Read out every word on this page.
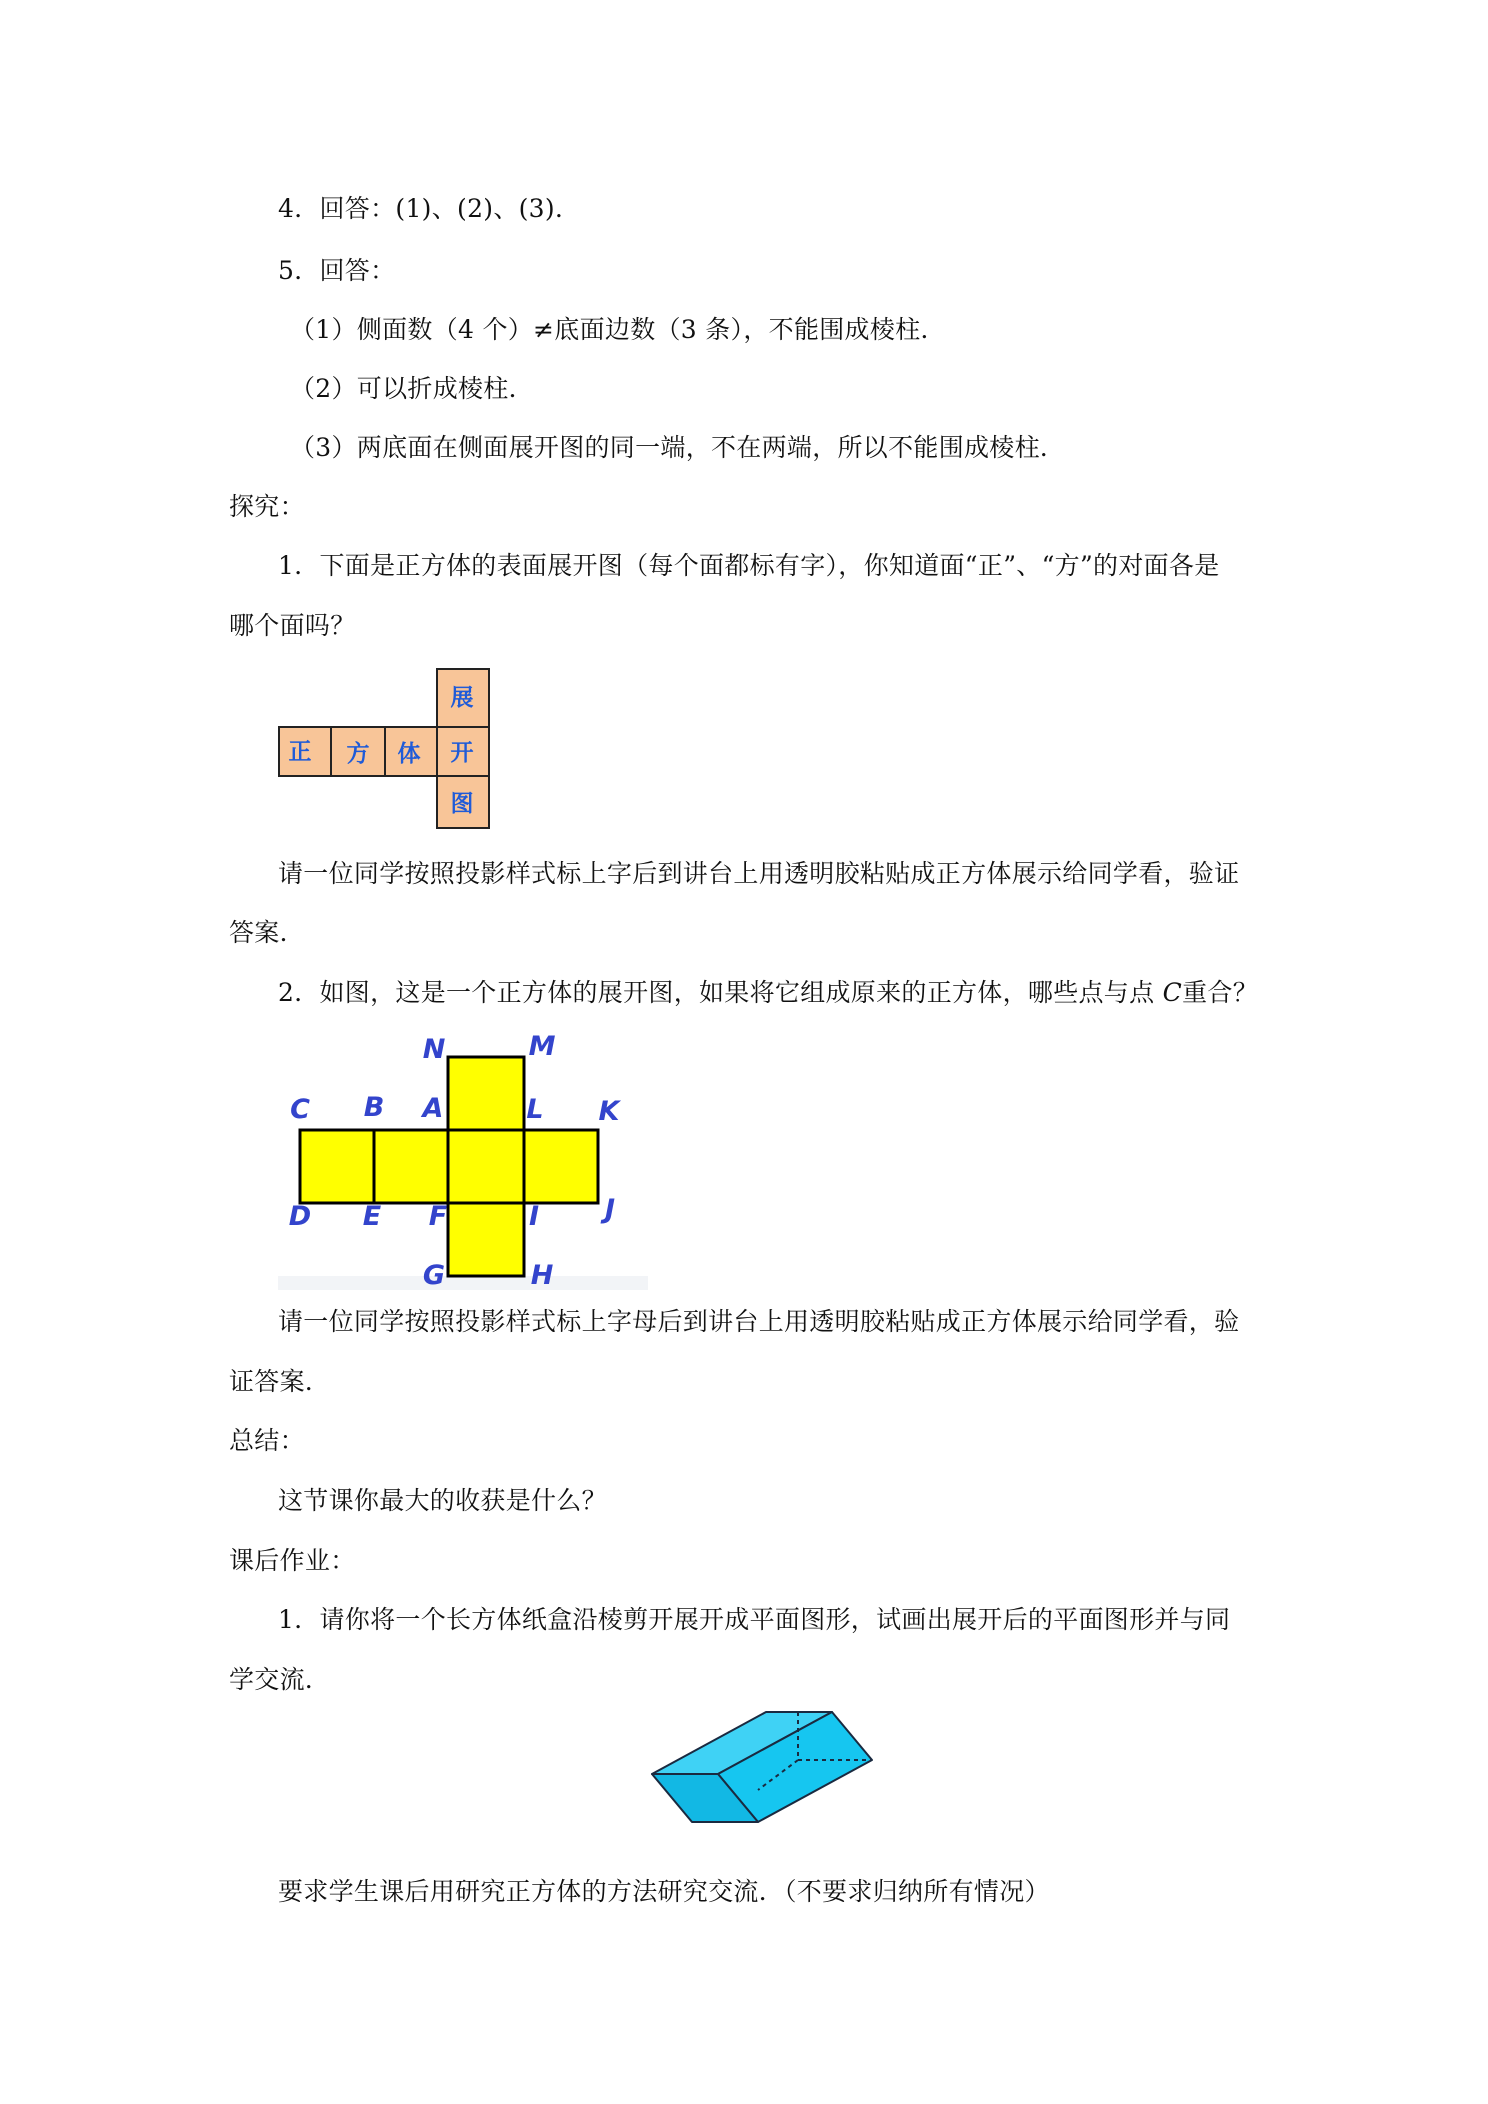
4．回答：(1)、(2)、(3)．
5．回答：
（1）侧面数（4 个）≠底面边数（3 条），不能围成棱柱．
（2）可以折成棱柱．
（3）两底面在侧面展开图的同一端，不在两端，所以不能围成棱柱．
探究：
1．下面是正方体的表面展开图（每个面都标有字），你知道面“正”、“方”的对面各是
哪个面吗？
正 方 体
展
开
图
请一位同学按照投影样式标上字后到讲台上用透明胶粘贴成正方体展示给同学看，验证
答案．
2．如图，这是一个正方体的展开图，如果将它组成原来的正方体，哪些点与点 C重合？
N	M
C B A	L K
D E F	I J
G	H
请一位同学按照投影样式标上字母后到讲台上用透明胶粘贴成正方体展示给同学看，验
证答案．
总结：
这节课你最大的收获是什么？
课后作业：
1．请你将一个长方体纸盒沿棱剪开展开成平面图形，试画出展开后的平面图形并与同
学交流．
要求学生课后用研究正方体的方法研究交流．（不要求归纳所有情况）
